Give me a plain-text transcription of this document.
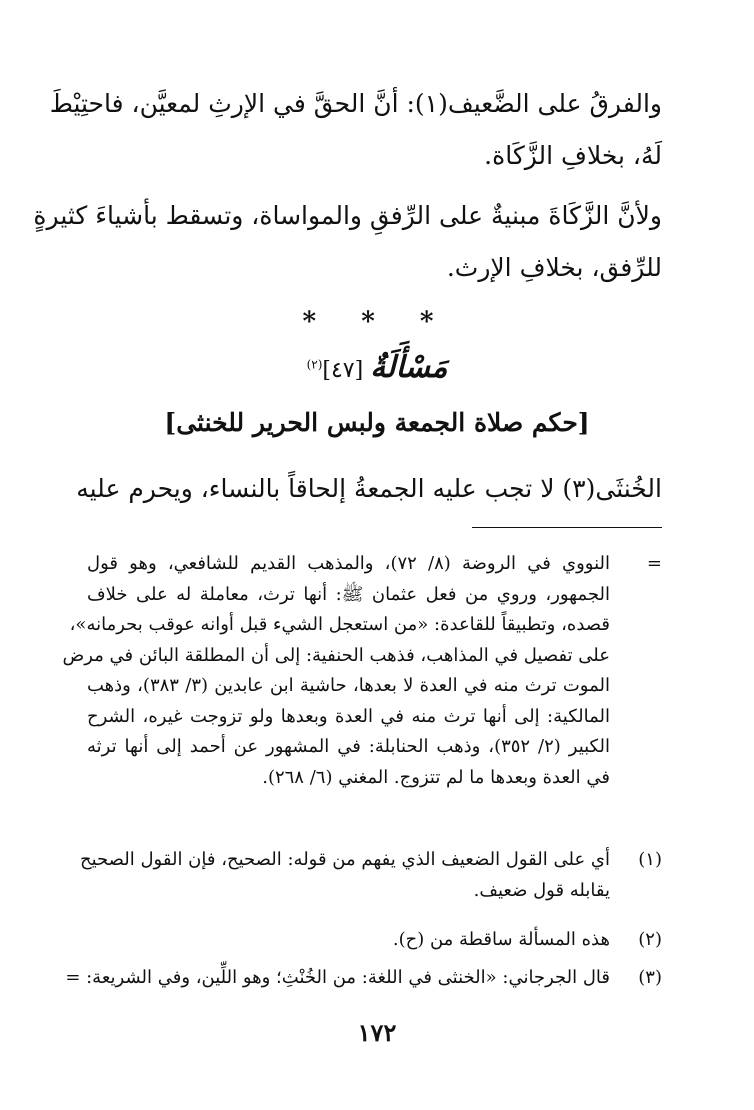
والفرقُ على الضَّعيف(١): أنَّ الحقَّ في الإرثِ لمعيَّن، فاحتِيْطَ
لَهُ، بخلافِ الزَّكَاة.
ولأنَّ الزَّكَاةَ مبنيةٌ على الرِّفقِ والمواساة، وتسقط بأشياءَ كثيرةٍ
للرِّفق، بخلافِ الإرث.
* * *
مَسْأَلَةٌ [٤٧]$^{(٢)}$
[حكم صلاة الجمعة ولبس الحرير للخنثى]
الخُنثَى(٣) لا تجب عليه الجمعةُ إلحاقاً بالنساء، ويحرم عليه
=
النووي في الروضة (٨/ ٧٢)، والمذهب القديم للشافعي، وهو قول
الجمهور، وروي من فعل عثمان ﷺ: أنها ترث، معاملة له على خلاف
قصده، وتطبيقاً للقاعدة: «من استعجل الشيء قبل أوانه عوقب بحرمانه»،
على تفصيل في المذاهب، فذهب الحنفية: إلى أن المطلقة البائن في مرض
الموت ترث منه في العدة لا بعدها، حاشية ابن عابدين (٣/ ٣٨٣)، وذهب
المالكية: إلى أنها ترث منه في العدة وبعدها ولو تزوجت غيره، الشرح
الكبير (٢/ ٣٥٢)، وذهب الحنابلة: في المشهور عن أحمد إلى أنها ترثه
في العدة وبعدها ما لم تتزوج. المغني (٦/ ٢٦٨).
(١)
أي على القول الضعيف الذي يفهم من قوله: الصحيح، فإن القول الصحيح
يقابله قول ضعيف.
(٢)
هذه المسألة ساقطة من (ح).
(٣)
قال الجرجاني: «الخنثى في اللغة: من الخُنْثِ؛ وهو اللِّين، وفي الشريعة: =
١٧٢
